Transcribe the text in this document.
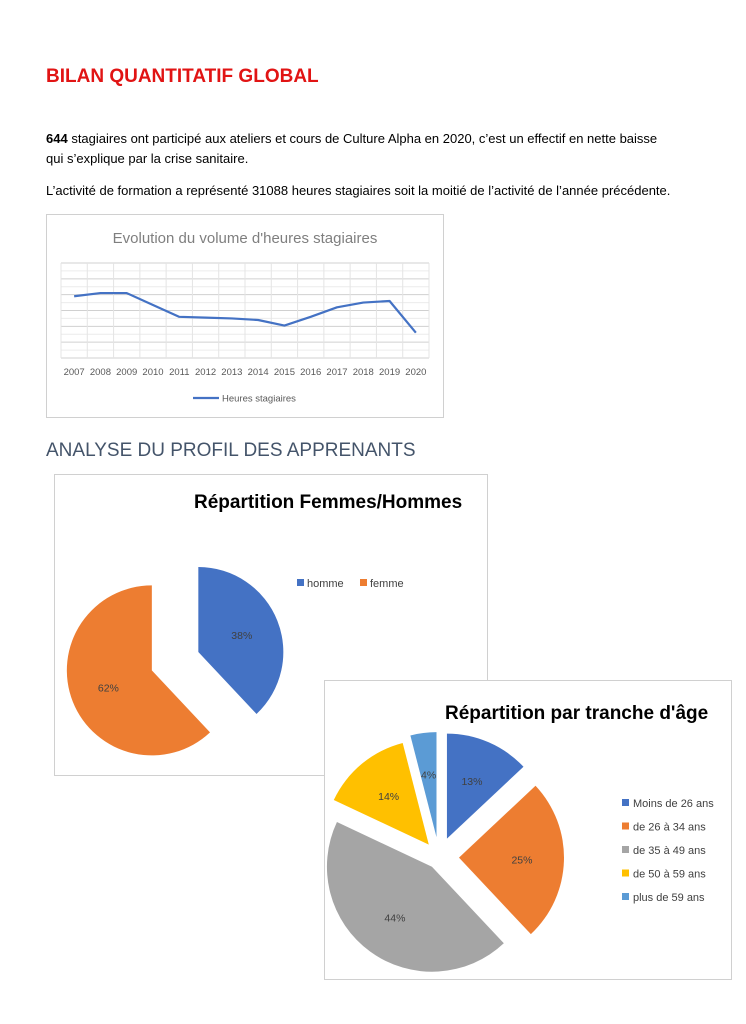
BILAN QUANTITATIF GLOBAL

644 stagiaires ont participé aux ateliers et cours de Culture Alpha en 2020, c’est un effectif en nette baisse
qui s’explique par la crise sanitaire.

L’activité de formation a représenté 31088 heures stagiaires soit la moitié de l’activité de l’année précédente.

Evolution du volume d'heures stagiaires
2007 2008 2009 2010 2011 2012 2013 2014 2015 2016 2017 2018 2019 2020
Heures stagiaires
ANALYSE DU PROFIL DES APPRENANTS
Répartition Femmes/Hommes
38%
62%
homme femme
Répartition par tranche d'âge
13%
25%
44%
14%
4%
Moins de 26 ans
de 26 à 34 ans
de 35 à 49 ans
de 50 à 59 ans
plus de 59 ans
